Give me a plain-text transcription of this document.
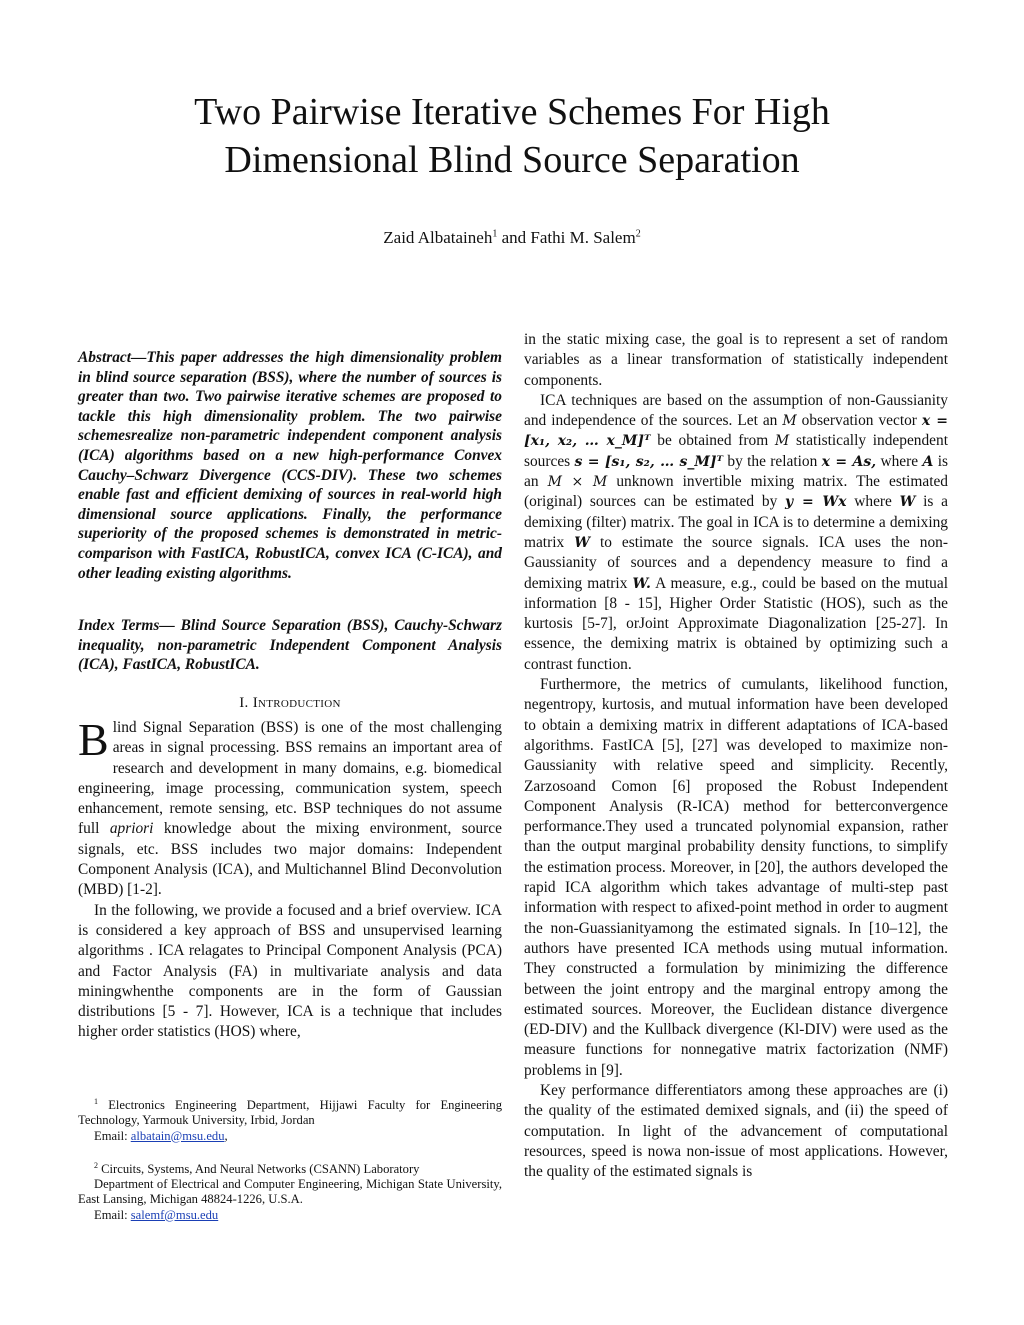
Two Pairwise Iterative Schemes For High
Dimensional Blind Source Separation
Zaid Albataineh$^1$ and Fathi M. Salem$^2$
Abstract—This paper addresses the high dimensionality problem in blind source separation (BSS), where the number of sources is greater than two. Two pairwise iterative schemes are proposed to tackle this high dimensionality problem. The two pairwise schemesrealize non-parametric independent component analysis (ICA) algorithms based on a new high-performance Convex Cauchy–Schwarz Divergence (CCS-DIV). These two schemes enable fast and efficient demixing of sources in real-world high dimensional source applications. Finally, the performance superiority of the proposed schemes is demonstrated in metric-comparison with FastICA, RobustICA, convex ICA (C-ICA), and other leading existing algorithms.
Index Terms— Blind Source Separation (BSS), Cauchy-Schwarz inequality, non-parametric Independent Component Analysis (ICA), FastICA, RobustICA.
I. Introduction

Blind Signal Separation (BSS) is one of the most challenging areas in signal processing. BSS remains an important area of research and development in many domains, e.g. biomedical engineering, image processing, communication system, speech enhancement, remote sensing, etc. BSP techniques do not assume full apriori knowledge about the mixing environment, source signals, etc. BSS includes two major domains: Independent Component Analysis (ICA), and Multichannel Blind Deconvolution (MBD) [1-2].

In the following, we provide a focused and a brief overview. ICA is considered a key approach of BSS and unsupervised learning algorithms . ICA relagates to Principal Component Analysis (PCA) and Factor Analysis (FA) in multivariate analysis and data miningwhenthe components are in the form of Gaussian distributions [5 - 7]. However, ICA is a technique that includes higher order statistics (HOS) where,

$^1$ Electronics Engineering Department, Hijjawi Faculty for Engineering Technology, Yarmouk University, Irbid, Jordan

Email: albatain@msu.edu,

$^2$ Circuits, Systems, And Neural Networks (CSANN) Laboratory

Department of Electrical and Computer Engineering, Michigan State University, East Lansing, Michigan 48824-1226, U.S.A.

Email: salemf@msu.edu

in the static mixing case, the goal is to represent a set of random variables as a linear transformation of statistically independent components.

ICA techniques are based on the assumption of non-Gaussianity and independence of the sources. Let an M observation vector x = [x₁, x₂, … x_M]ᵀ be obtained from M statistically independent sources s = [s₁, s₂, … s_M]ᵀ by the relation x = As, where A is an M × M unknown invertible mixing matrix. The estimated (original) sources can be estimated by y = Wx where W is a demixing (filter) matrix. The goal in ICA is to determine a demixing matrix W to estimate the source signals. ICA uses the non-Gaussianity of sources and a dependency measure to find a demixing matrix W. A measure, e.g., could be based on the mutual information [8 - 15], Higher Order Statistic (HOS), such as the kurtosis [5-7], orJoint Approximate Diagonalization [25-27]. In essence, the demixing matrix is obtained by optimizing such a contrast function.

Furthermore, the metrics of cumulants, likelihood function, negentropy, kurtosis, and mutual information have been developed to obtain a demixing matrix in different adaptations of ICA-based algorithms. FastICA [5], [27] was developed to maximize non-Gaussianity with relative speed and simplicity. Recently, Zarzosoand Comon [6] proposed the Robust Independent Component Analysis (R-ICA) method for betterconvergence performance.They used a truncated polynomial expansion, rather than the output marginal probability density functions, to simplify the estimation process. Moreover, in [20], the authors developed the rapid ICA algorithm which takes advantage of multi-step past information with respect to afixed-point method in order to augment the non-Guassianityamong the estimated signals. In [10–12], the authors have presented ICA methods using mutual information. They constructed a formulation by minimizing the difference between the joint entropy and the marginal entropy among the estimated sources. Moreover, the Euclidean distance divergence (ED-DIV) and the Kullback divergence (Kl-DIV) were used as the measure functions for nonnegative matrix factorization (NMF) problems in [9].

Key performance differentiators among these approaches are (i) the quality of the estimated demixed signals, and (ii) the speed of computation. In light of the advancement of computational resources, speed is nowa non-issue of most applications. However, the quality of the estimated signals is
